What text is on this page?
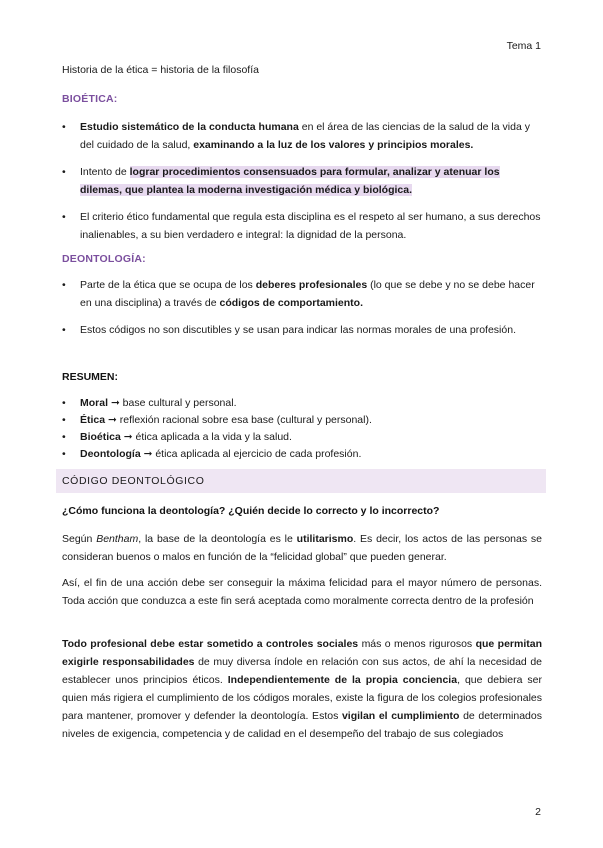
Tema 1
Historia de la ética = historia de la filosofía
BIOÉTICA:
• Estudio sistemático de la conducta humana en el área de las ciencias de la salud de la vida y del cuidado de la salud, examinando a la luz de los valores y principios morales.
• Intento de lograr procedimientos consensuados para formular, analizar y atenuar los dilemas, que plantea la moderna investigación médica y biológica.
• El criterio ético fundamental que regula esta disciplina es el respeto al ser humano, a sus derechos inalienables, a su bien verdadero e integral: la dignidad de la persona.
DEONTOLOGÍA:
• Parte de la ética que se ocupa de los deberes profesionales (lo que se debe y no se debe hacer en una disciplina) a través de códigos de comportamiento.
• Estos códigos no son discutibles y se usan para indicar las normas morales de una profesión.
RESUMEN:
• Moral ➞ base cultural y personal.
• Ética ➞ reflexión racional sobre esa base (cultural y personal).
• Bioética ➞ ética aplicada a la vida y la salud.
• Deontología ➞ ética aplicada al ejercicio de cada profesión.
CÓDIGO DEONTOLÓGICO
¿Cómo funciona la deontología? ¿Quién decide lo correcto y lo incorrecto?
Según Bentham, la base de la deontología es le utilitarismo. Es decir, los actos de las personas se consideran buenos o malos en función de la “felicidad global” que pueden generar.
Así, el fin de una acción debe ser conseguir la máxima felicidad para el mayor número de personas. Toda acción que conduzca a este fin será aceptada como moralmente correcta dentro de la profesión
Todo profesional debe estar sometido a controles sociales más o menos rigurosos que permitan exigirle responsabilidades de muy diversa índole en relación con sus actos, de ahí la necesidad de establecer unos principios éticos. Independientemente de la propia conciencia, que debiera ser quien más rigiera el cumplimiento de los códigos morales, existe la figura de los colegios profesionales para mantener, promover y defender la deontología. Estos vigilan el cumplimiento de determinados niveles de exigencia, competencia y de calidad en el desempeño del trabajo de sus colegiados
2
